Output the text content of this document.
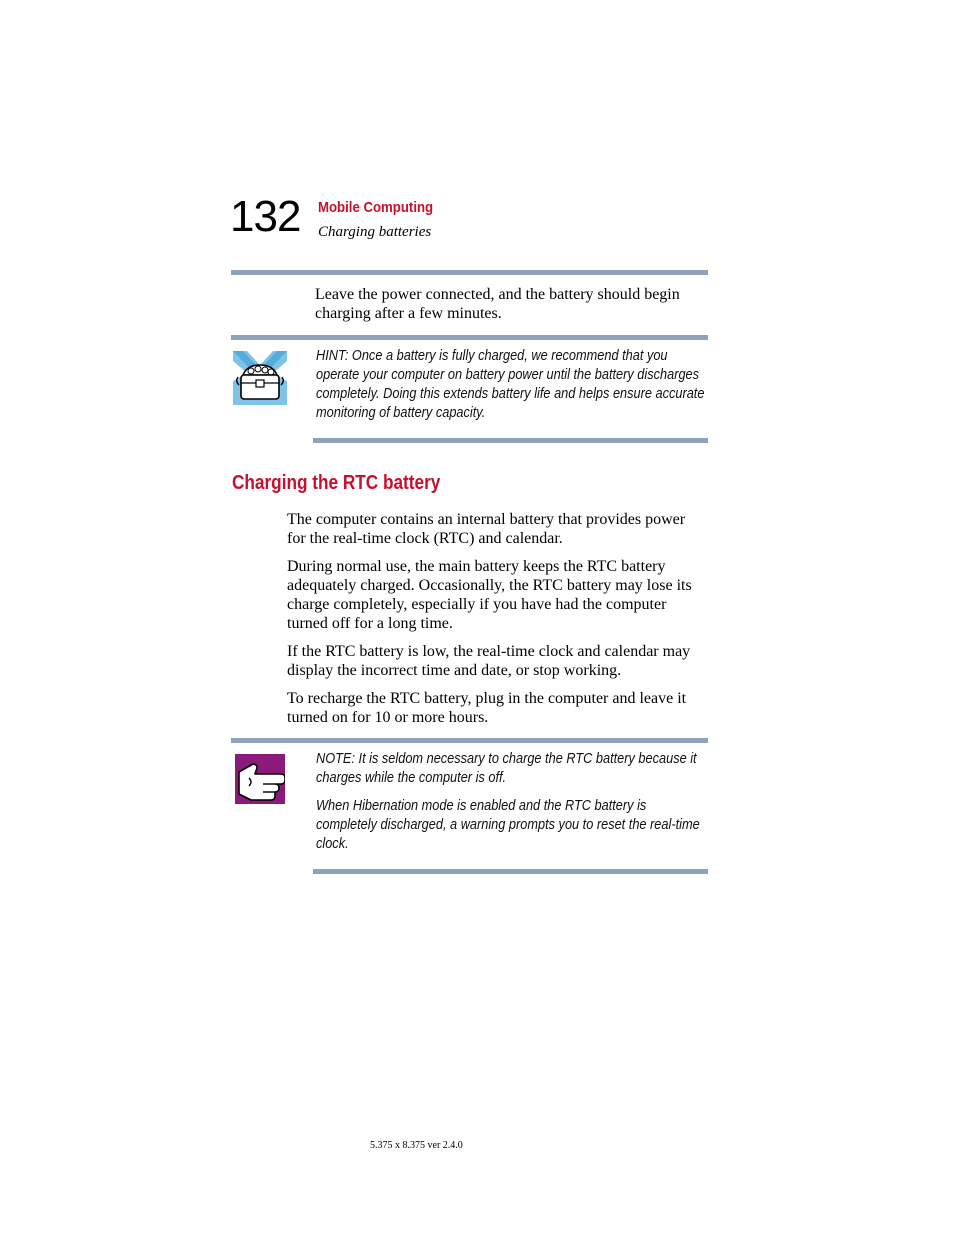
132 Mobile Computing
Charging batteries

Leave the power connected, and the battery should begin charging after a few minutes.

HINT: Once a battery is fully charged, we recommend that you operate your computer on battery power until the battery discharges completely. Doing this extends battery life and helps ensure accurate monitoring of battery capacity.

Charging the RTC battery

The computer contains an internal battery that provides power for the real-time clock (RTC) and calendar.

During normal use, the main battery keeps the RTC battery adequately charged. Occasionally, the RTC battery may lose its charge completely, especially if you have had the computer turned off for a long time.

If the RTC battery is low, the real-time clock and calendar may display the incorrect time and date, or stop working.

To recharge the RTC battery, plug in the computer and leave it turned on for 10 or more hours.

NOTE: It is seldom necessary to charge the RTC battery because it charges while the computer is off.

When Hibernation mode is enabled and the RTC battery is completely discharged, a warning prompts you to reset the real-time clock.

5.375 x 8.375 ver 2.4.0
